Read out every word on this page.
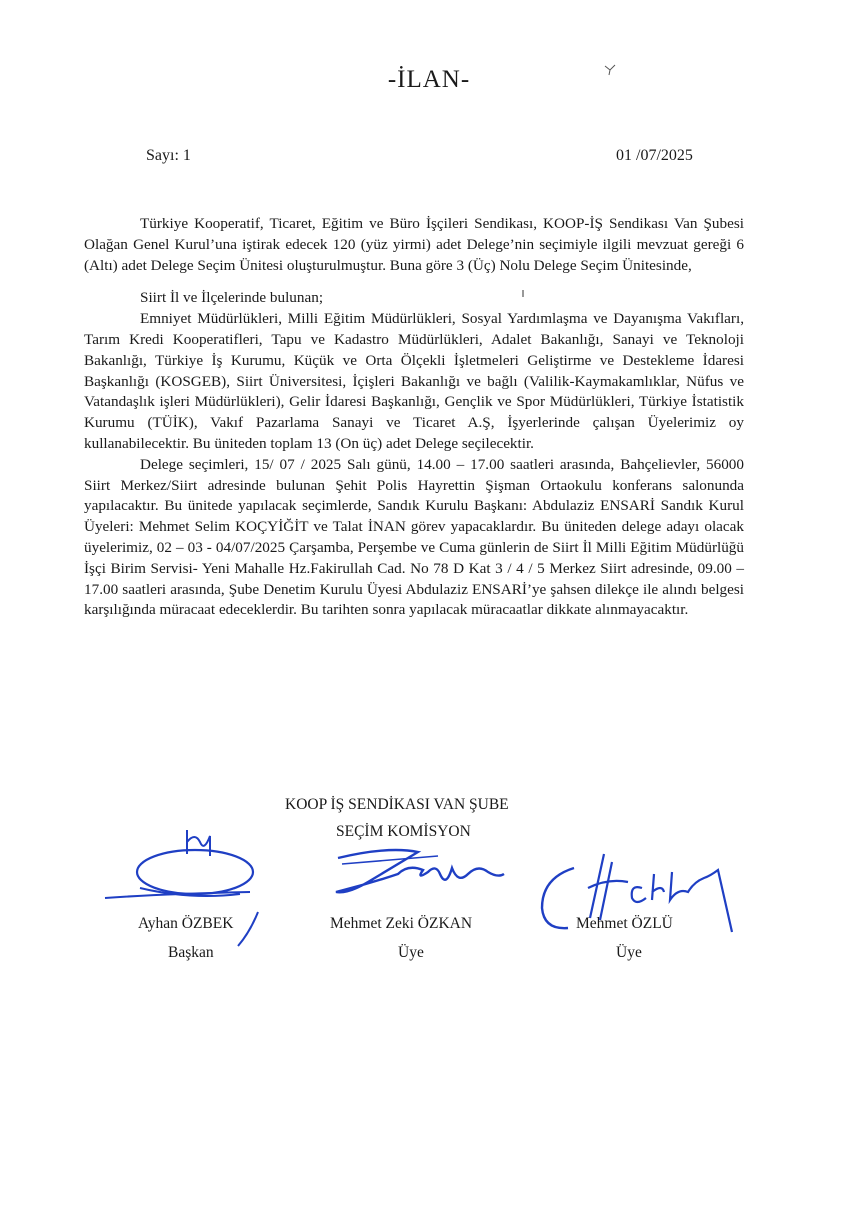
-İLAN-
Sayı: 1	01 /07/2025

Türkiye Kooperatif, Ticaret, Eğitim ve Büro İşçileri Sendikası, KOOP-İŞ Sendikası Van Şubesi Olağan Genel Kurul’una iştirak edecek 120 (yüz yirmi) adet Delege’nin seçimiyle ilgili mevzuat gereği 6 (Altı) adet Delege Seçim Ünitesi oluşturulmuştur. Buna göre 3 (Üç) Nolu Delege Seçim Ünitesinde,

Siirt İl ve İlçelerinde bulunan;

Emniyet Müdürlükleri, Milli Eğitim Müdürlükleri, Sosyal Yardımlaşma ve Dayanışma Vakıfları, Tarım Kredi Kooperatifleri, Tapu ve Kadastro Müdürlükleri, Adalet Bakanlığı, Sanayi ve Teknoloji Bakanlığı, Türkiye İş Kurumu, Küçük ve Orta Ölçekli İşletmeleri Geliştirme ve Destekleme İdaresi Başkanlığı (KOSGEB), Siirt Üniversitesi, İçişleri Bakanlığı ve bağlı (Valilik-Kaymakamlıklar, Nüfus ve Vatandaşlık işleri Müdürlükleri), Gelir İdaresi Başkanlığı, Gençlik ve Spor Müdürlükleri, Türkiye İstatistik Kurumu (TÜİK), Vakıf Pazarlama Sanayi ve Ticaret A.Ş, İşyerlerinde çalışan Üyelerimiz oy kullanabilecektir. Bu üniteden toplam 13 (On üç) adet Delege seçilecektir.

Delege seçimleri, 15/ 07 / 2025 Salı günü, 14.00 – 17.00 saatleri arasında, Bahçelievler, 56000 Siirt Merkez/Siirt adresinde bulunan Şehit Polis Hayrettin Şişman Ortaokulu konferans salonunda yapılacaktır. Bu ünitede yapılacak seçimlerde, Sandık Kurulu Başkanı: Abdulaziz ENSARİ Sandık Kurul Üyeleri: Mehmet Selim KOÇYİĞİT ve Talat İNAN görev yapacaklardır. Bu üniteden delege adayı olacak üyelerimiz, 02 – 03 - 04/07/2025 Çarşamba, Perşembe ve Cuma günlerin de Siirt İl Milli Eğitim Müdürlüğü İşçi Birim Servisi- Yeni Mahalle Hz.Fakirullah Cad. No 78 D Kat 3 / 4 / 5 Merkez Siirt adresinde, 09.00 – 17.00 saatleri arasında, Şube Denetim Kurulu Üyesi Abdulaziz ENSARİ’ye şahsen dilekçe ile alındı belgesi karşılığında müracaat edeceklerdir. Bu tarihten sonra yapılacak müracaatlar dikkate alınmayacaktır.

KOOP İŞ SENDİKASI VAN ŞUBE
SEÇİM KOMİSYON
Ayhan ÖZBEK
Başkan
Mehmet Zeki ÖZKAN
Üye
Mehmet ÖZLÜ
Üye
